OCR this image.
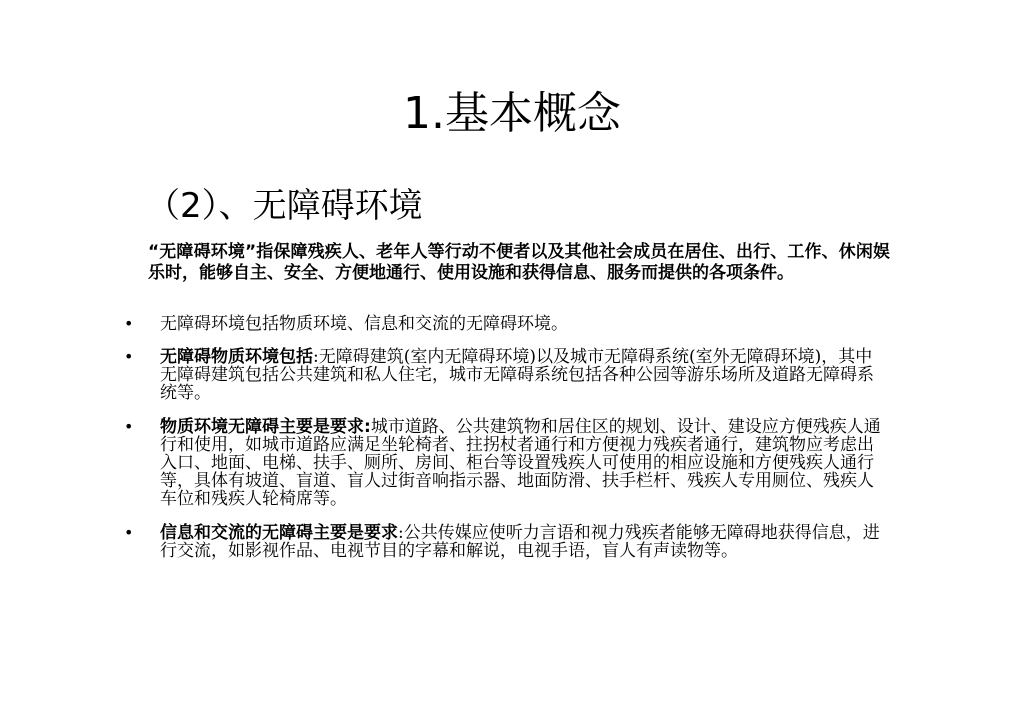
1.基本概念
（2）、无障碍环境

“无障碍环境”指保障残疾人、老年人等行动不便者以及其他社会成员在居住、出行、工作、休闲娱乐时，能够自主、安全、方便地通行、使用设施和获得信息、服务而提供的各项条件。

• 无障碍环境包括物质环境、信息和交流的无障碍环境。
• 无障碍物质环境包括:无障碍建筑(室内无障碍环境)以及城市无障碍系统(室外无障碍环境)，其中无障碍建筑包括公共建筑和私人住宅，城市无障碍系统包括各种公园等游乐场所及道路无障碍系统等。
• 物质环境无障碍主要是要求:城市道路、公共建筑物和居住区的规划、设计、建设应方便残疾人通行和使用，如城市道路应满足坐轮椅者、拄拐杖者通行和方便视力残疾者通行，建筑物应考虑出入口、地面、电梯、扶手、厕所、房间、柜台等设置残疾人可使用的相应设施和方便残疾人通行等，具体有坡道、盲道、盲人过街音响指示器、地面防滑、扶手栏杆、残疾人专用厕位、残疾人车位和残疾人轮椅席等。
• 信息和交流的无障碍主要是要求:公共传媒应使听力言语和视力残疾者能够无障碍地获得信息，进行交流，如影视作品、电视节目的字幕和解说，电视手语，盲人有声读物等。
